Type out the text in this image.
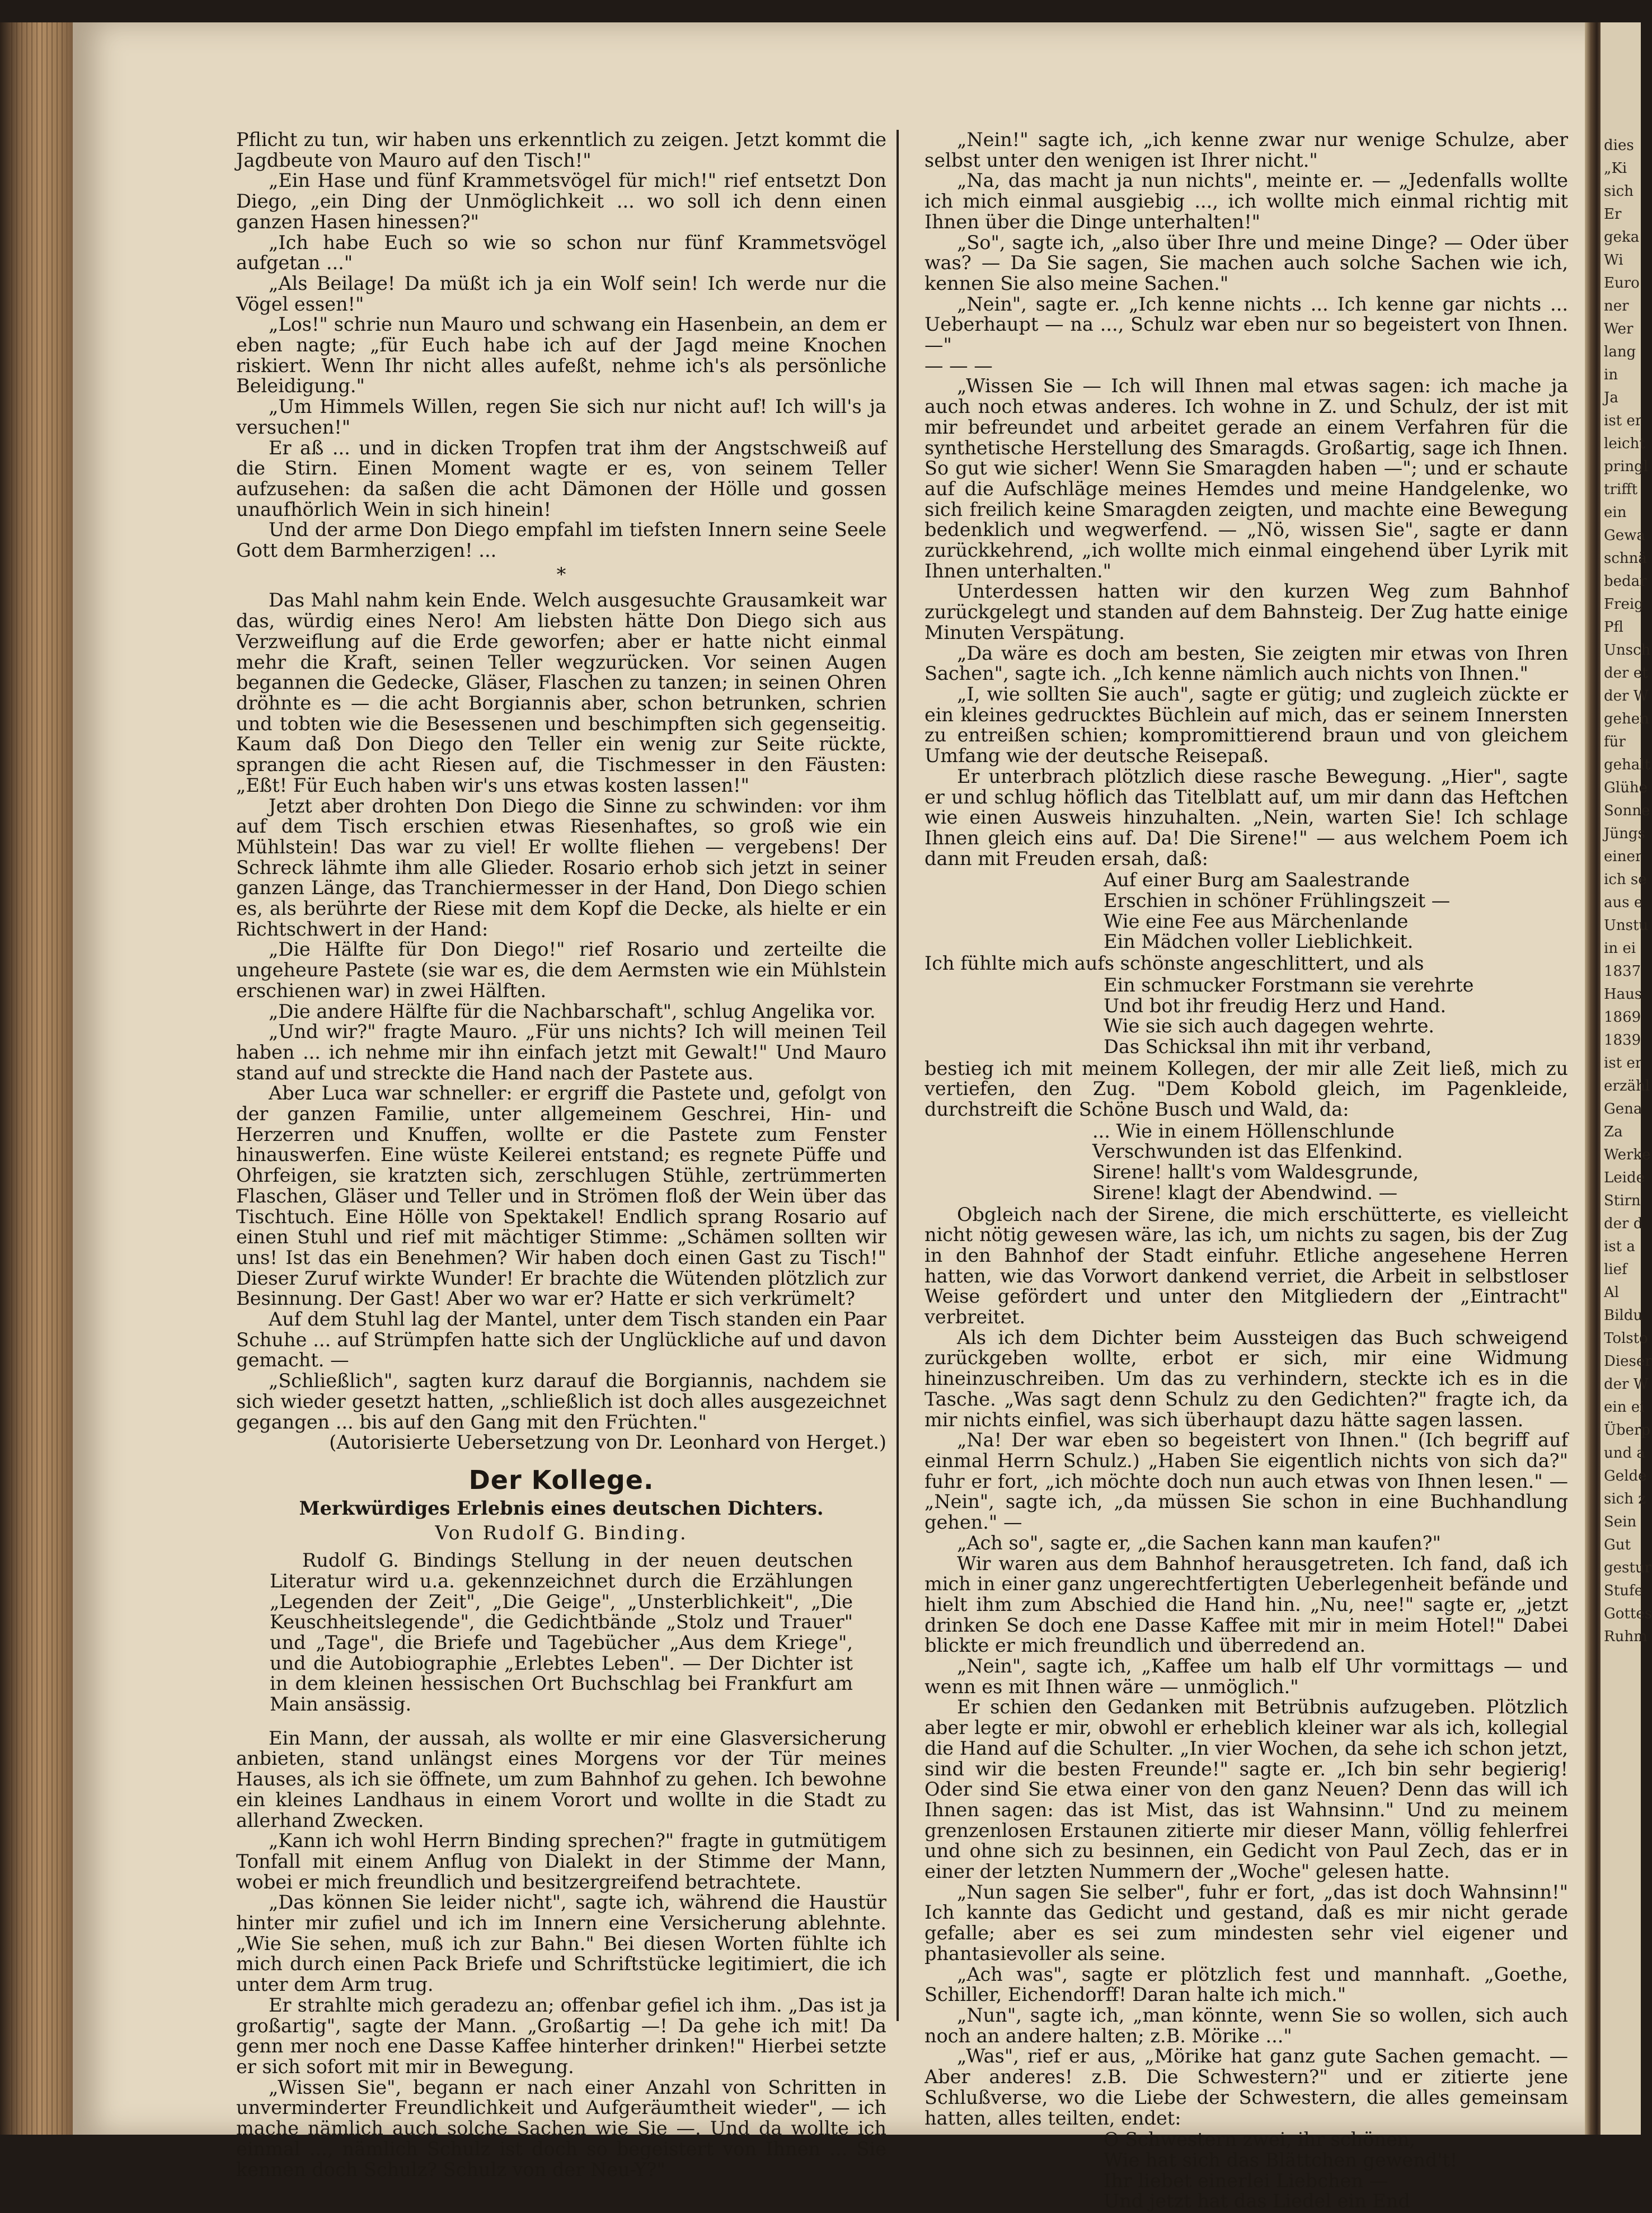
dies
„Ki
sich
Er
geka
Wi
Euro
ner
Wer
lang
in
Ja
ist er
leicht
pringl
trifft
ein
Gewa
schnä
bedar
Freig
Pfl
Unsch
der et
der W
gehen
für
gehalt
Glühe
Sonne
Jüngs
einer
ich se
aus e
Unstu
in ei
1837
Haus
1869
1839
ist er
erzähl
Gena
Za
Werke
Leide
Stirn
der d
ist a
lief
Al
Bildu
Tolsto
Dieser
der W
ein ei
Überp
und a
Gelde
sich z
Sein
Gut
gestur
Stufe
Gottes
Ruhm

Pflicht zu tun, wir haben uns erkenntlich zu zeigen. Jetzt kommt die Jagdbeute von Mauro auf den Tisch!"

„Ein Hase und fünf Krammetsvögel für mich!" rief entsetzt Don Diego, „ein Ding der Unmöglichkeit ... wo soll ich denn einen ganzen Hasen hinessen?"

„Ich habe Euch so wie so schon nur fünf Krammetsvögel aufgetan ..."

„Als Beilage! Da müßt ich ja ein Wolf sein! Ich werde nur die Vögel essen!"

„Los!" schrie nun Mauro und schwang ein Hasenbein, an dem er eben nagte; „für Euch habe ich auf der Jagd meine Knochen riskiert. Wenn Ihr nicht alles aufeßt, nehme ich's als persönliche Beleidigung."

„Um Himmels Willen, regen Sie sich nur nicht auf! Ich will's ja versuchen!"

Er aß ... und in dicken Tropfen trat ihm der Angstschweiß auf die Stirn. Einen Moment wagte er es, von seinem Teller aufzusehen: da saßen die acht Dämonen der Hölle und gossen unaufhörlich Wein in sich hinein!

Und der arme Don Diego empfahl im tiefsten Innern seine Seele Gott dem Barmherzigen! ...

*

Das Mahl nahm kein Ende. Welch ausgesuchte Grausamkeit war das, würdig eines Nero! Am liebsten hätte Don Diego sich aus Verzweiflung auf die Erde geworfen; aber er hatte nicht einmal mehr die Kraft, seinen Teller wegzurücken. Vor seinen Augen begannen die Gedecke, Gläser, Flaschen zu tanzen; in seinen Ohren dröhnte es — die acht Borgiannis aber, schon betrunken, schrien und tobten wie die Besessenen und beschimpften sich gegenseitig. Kaum daß Don Diego den Teller ein wenig zur Seite rückte, sprangen die acht Riesen auf, die Tischmesser in den Fäusten: „Eßt! Für Euch haben wir's uns etwas kosten lassen!"

Jetzt aber drohten Don Diego die Sinne zu schwinden: vor ihm auf dem Tisch erschien etwas Riesenhaftes, so groß wie ein Mühlstein! Das war zu viel! Er wollte fliehen — vergebens! Der Schreck lähmte ihm alle Glieder. Rosario erhob sich jetzt in seiner ganzen Länge, das Tranchiermesser in der Hand, Don Diego schien es, als berührte der Riese mit dem Kopf die Decke, als hielte er ein Richtschwert in der Hand:

„Die Hälfte für Don Diego!" rief Rosario und zerteilte die ungeheure Pastete (sie war es, die dem Aermsten wie ein Mühlstein erschienen war) in zwei Hälften.

„Die andere Hälfte für die Nachbarschaft", schlug Angelika vor.

„Und wir?" fragte Mauro. „Für uns nichts? Ich will meinen Teil haben ... ich nehme mir ihn einfach jetzt mit Gewalt!" Und Mauro stand auf und streckte die Hand nach der Pastete aus.

Aber Luca war schneller: er ergriff die Pastete und, gefolgt von der ganzen Familie, unter allgemeinem Geschrei, Hin- und Herzerren und Knuffen, wollte er die Pastete zum Fenster hinauswerfen. Eine wüste Keilerei entstand; es regnete Püffe und Ohrfeigen, sie kratzten sich, zerschlugen Stühle, zertrümmerten Flaschen, Gläser und Teller und in Strömen floß der Wein über das Tischtuch. Eine Hölle von Spektakel! Endlich sprang Rosario auf einen Stuhl und rief mit mächtiger Stimme: „Schämen sollten wir uns! Ist das ein Benehmen? Wir haben doch einen Gast zu Tisch!" Dieser Zuruf wirkte Wunder! Er brachte die Wütenden plötzlich zur Besinnung. Der Gast! Aber wo war er? Hatte er sich verkrümelt?

Auf dem Stuhl lag der Mantel, unter dem Tisch standen ein Paar Schuhe ... auf Strümpfen hatte sich der Unglückliche auf und davon gemacht. —

„Schließlich", sagten kurz darauf die Borgiannis, nachdem sie sich wieder gesetzt hatten, „schließlich ist doch alles ausgezeichnet gegangen ... bis auf den Gang mit den Früchten."

(Autorisierte Uebersetzung von Dr. Leonhard von Herget.)

Der Kollege.
Merkwürdiges Erlebnis eines deutschen Dichters.
Von Rudolf G. Binding.

Rudolf G. Bindings Stellung in der neuen deutschen Literatur wird u.a. gekennzeichnet durch die Erzählungen „Legenden der Zeit", „Die Geige", „Unsterblichkeit", „Die Keuschheitslegende", die Gedichtbände „Stolz und Trauer" und „Tage", die Briefe und Tagebücher „Aus dem Kriege", und die Autobiographie „Erlebtes Leben". — Der Dichter ist in dem kleinen hessischen Ort Buchschlag bei Frankfurt am Main ansässig.

Ein Mann, der aussah, als wollte er mir eine Glasversicherung anbieten, stand unlängst eines Morgens vor der Tür meines Hauses, als ich sie öffnete, um zum Bahnhof zu gehen. Ich bewohne ein kleines Landhaus in einem Vorort und wollte in die Stadt zu allerhand Zwecken.

„Kann ich wohl Herrn Binding sprechen?" fragte in gutmütigem Tonfall mit einem Anflug von Dialekt in der Stimme der Mann, wobei er mich freundlich und besitzergreifend betrachtete.

„Das können Sie leider nicht", sagte ich, während die Haustür hinter mir zufiel und ich im Innern eine Versicherung ablehnte. „Wie Sie sehen, muß ich zur Bahn." Bei diesen Worten fühlte ich mich durch einen Pack Briefe und Schriftstücke legitimiert, die ich unter dem Arm trug.

Er strahlte mich geradezu an; offenbar gefiel ich ihm. „Das ist ja großartig", sagte der Mann. „Großartig —! Da gehe ich mit! Da genn mer noch ene Dasse Kaffee hinterher drinken!" Hierbei setzte er sich sofort mit mir in Bewegung.

„Wissen Sie", begann er nach einer Anzahl von Schritten in unverminderter Freundlichkeit und Aufgeräumtheit wieder", — ich mache nämlich auch solche Sachen wie Sie —. Und da wollte ich einmal ..., nämlich Schulz ist doch so begeistert von Ihnen ... Sie kennen doch Schulz? Schulz von der Neu-Y?"

„Nein!" sagte ich, „ich kenne zwar nur wenige Schulze, aber selbst unter den wenigen ist Ihrer nicht."

„Na, das macht ja nun nichts", meinte er. — „Jedenfalls wollte ich mich einmal ausgiebig ..., ich wollte mich einmal richtig mit Ihnen über die Dinge unterhalten!"

„So", sagte ich, „also über Ihre und meine Dinge? — Oder über was? — Da Sie sagen, Sie machen auch solche Sachen wie ich, kennen Sie also meine Sachen."

„Nein", sagte er. „Ich kenne nichts ... Ich kenne gar nichts ... Ueberhaupt — na ..., Schulz war eben nur so begeistert von Ihnen. —"

— — —

„Wissen Sie — Ich will Ihnen mal etwas sagen: ich mache ja auch noch etwas anderes. Ich wohne in Z. und Schulz, der ist mit mir befreundet und arbeitet gerade an einem Verfahren für die synthetische Herstellung des Smaragds. Großartig, sage ich Ihnen. So gut wie sicher! Wenn Sie Smaragden haben —"; und er schaute auf die Aufschläge meines Hemdes und meine Handgelenke, wo sich freilich keine Smaragden zeigten, und machte eine Bewegung bedenklich und wegwerfend. — „Nö, wissen Sie", sagte er dann zurückkehrend, „ich wollte mich einmal eingehend über Lyrik mit Ihnen unterhalten."

Unterdessen hatten wir den kurzen Weg zum Bahnhof zurückgelegt und standen auf dem Bahnsteig. Der Zug hatte einige Minuten Verspätung.

„Da wäre es doch am besten, Sie zeigten mir etwas von Ihren Sachen", sagte ich. „Ich kenne nämlich auch nichts von Ihnen."

„I, wie sollten Sie auch", sagte er gütig; und zugleich zückte er ein kleines gedrucktes Büchlein auf mich, das er seinem Innersten zu entreißen schien; kompromittierend braun und von gleichem Umfang wie der deutsche Reisepaß.

Er unterbrach plötzlich diese rasche Bewegung. „Hier", sagte er und schlug höflich das Titelblatt auf, um mir dann das Heftchen wie einen Ausweis hinzuhalten. „Nein, warten Sie! Ich schlage Ihnen gleich eins auf. Da! Die Sirene!" — aus welchem Poem ich dann mit Freuden ersah, daß:

Auf einer Burg am Saalestrande
Erschien in schöner Frühlingszeit —
Wie eine Fee aus Märchenlande
Ein Mädchen voller Lieblichkeit.

Ich fühlte mich aufs schönste angeschlittert, und als

Ein schmucker Forstmann sie verehrte
Und bot ihr freudig Herz und Hand.
Wie sie sich auch dagegen wehrte.
Das Schicksal ihn mit ihr verband,

bestieg ich mit meinem Kollegen, der mir alle Zeit ließ, mich zu vertiefen, den Zug. "Dem Kobold gleich, im Pagenkleide, durchstreift die Schöne Busch und Wald, da:

... Wie in einem Höllenschlunde
Verschwunden ist das Elfenkind.
Sirene! hallt's vom Waldesgrunde,
Sirene! klagt der Abendwind. —

Obgleich nach der Sirene, die mich erschütterte, es vielleicht nicht nötig gewesen wäre, las ich, um nichts zu sagen, bis der Zug in den Bahnhof der Stadt einfuhr. Etliche angesehene Herren hatten, wie das Vorwort dankend verriet, die Arbeit in selbstloser Weise gefördert und unter den Mitgliedern der „Eintracht" verbreitet.

Als ich dem Dichter beim Aussteigen das Buch schweigend zurückgeben wollte, erbot er sich, mir eine Widmung hineinzuschreiben. Um das zu verhindern, steckte ich es in die Tasche. „Was sagt denn Schulz zu den Gedichten?" fragte ich, da mir nichts einfiel, was sich überhaupt dazu hätte sagen lassen.

„Na! Der war eben so begeistert von Ihnen." (Ich begriff auf einmal Herrn Schulz.) „Haben Sie eigentlich nichts von sich da?" fuhr er fort, „ich möchte doch nun auch etwas von Ihnen lesen." — „Nein", sagte ich, „da müssen Sie schon in eine Buchhandlung gehen." —

„Ach so", sagte er, „die Sachen kann man kaufen?"

Wir waren aus dem Bahnhof herausgetreten. Ich fand, daß ich mich in einer ganz ungerechtfertigten Ueberlegenheit befände und hielt ihm zum Abschied die Hand hin. „Nu, nee!" sagte er, „jetzt drinken Se doch ene Dasse Kaffee mit mir in meim Hotel!" Dabei blickte er mich freundlich und überredend an.

„Nein", sagte ich, „Kaffee um halb elf Uhr vormittags — und wenn es mit Ihnen wäre — unmöglich."

Er schien den Gedanken mit Betrübnis aufzugeben. Plötzlich aber legte er mir, obwohl er erheblich kleiner war als ich, kollegial die Hand auf die Schulter. „In vier Wochen, da sehe ich schon jetzt, sind wir die besten Freunde!" sagte er. „Ich bin sehr begierig! Oder sind Sie etwa einer von den ganz Neuen? Denn das will ich Ihnen sagen: das ist Mist, das ist Wahnsinn." Und zu meinem grenzenlosen Erstaunen zitierte mir dieser Mann, völlig fehlerfrei und ohne sich zu besinnen, ein Gedicht von Paul Zech, das er in einer der letzten Nummern der „Woche" gelesen hatte.

„Nun sagen Sie selber", fuhr er fort, „das ist doch Wahnsinn!" Ich kannte das Gedicht und gestand, daß es mir nicht gerade gefalle; aber es sei zum mindesten sehr viel eigener und phantasievoller als seine.

„Ach was", sagte er plötzlich fest und mannhaft. „Goethe, Schiller, Eichendorff! Daran halte ich mich."

„Nun", sagte ich, „man könnte, wenn Sie so wollen, sich auch noch an andere halten; z.B. Mörike ..."

„Was", rief er aus, „Mörike hat ganz gute Sachen gemacht. — Aber anderes! z.B. Die Schwestern?" und er zitierte jene Schlußverse, wo die Liebe der Schwestern, die alles gemeinsam hatten, alles teilten, endet:

O Schwestern zwei, ihr schönen,
Wie hat sich das Blättchen gewend't!
Ihr liebet einerlei Liebchen —
Und jetzt hat das Liedel ein End
